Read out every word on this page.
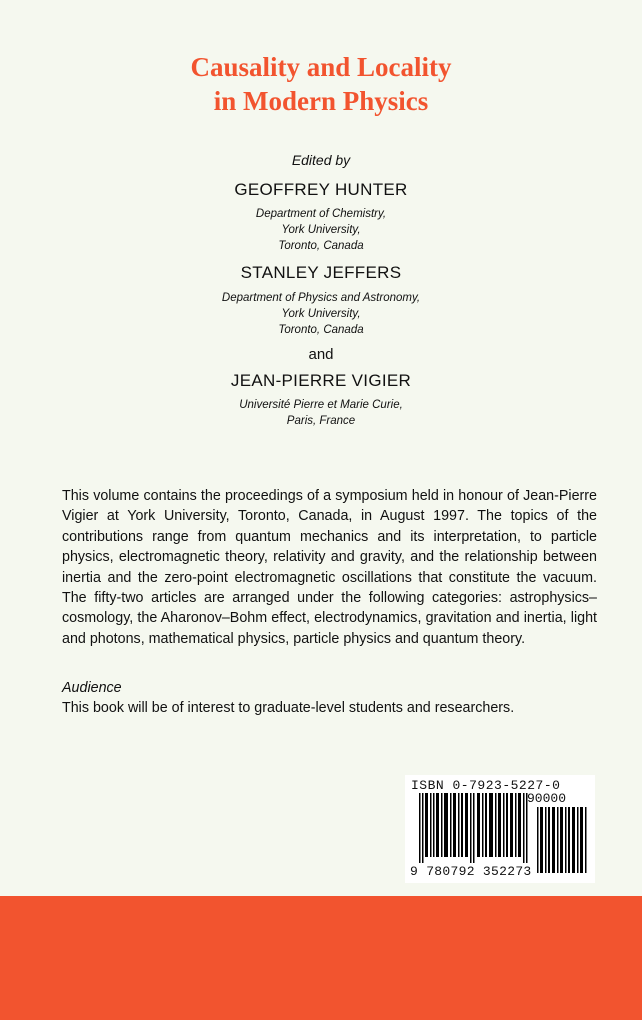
Causality and Locality
in Modern Physics
Edited by
GEOFFREY HUNTER
Department of Chemistry,
York University,
Toronto, Canada
STANLEY JEFFERS
Department of Physics and Astronomy,
York University,
Toronto, Canada
and
JEAN-PIERRE VIGIER
Université Pierre et Marie Curie,
Paris, France

This volume contains the proceedings of a symposium held in honour of Jean-Pierre Vigier at York University, Toronto, Canada, in August 1997. The topics of the contributions range from quantum mechanics and its interpretation, to particle physics, electromagnetic theory, relativity and gravity, and the relationship between inertia and the zero-point electromagnetic oscillations that constitute the vacuum. The fifty-two articles are arranged under the following categories: astrophysics–cosmology, the Aharonov–Bohm effect, electrodynamics, gravitation and inertia, light and photons, mathematical physics, particle physics and quantum theory.

Audience
This book will be of interest to graduate-level students and researchers.
ISBN 0-7923-5227-0
90000
9 780792 352273
